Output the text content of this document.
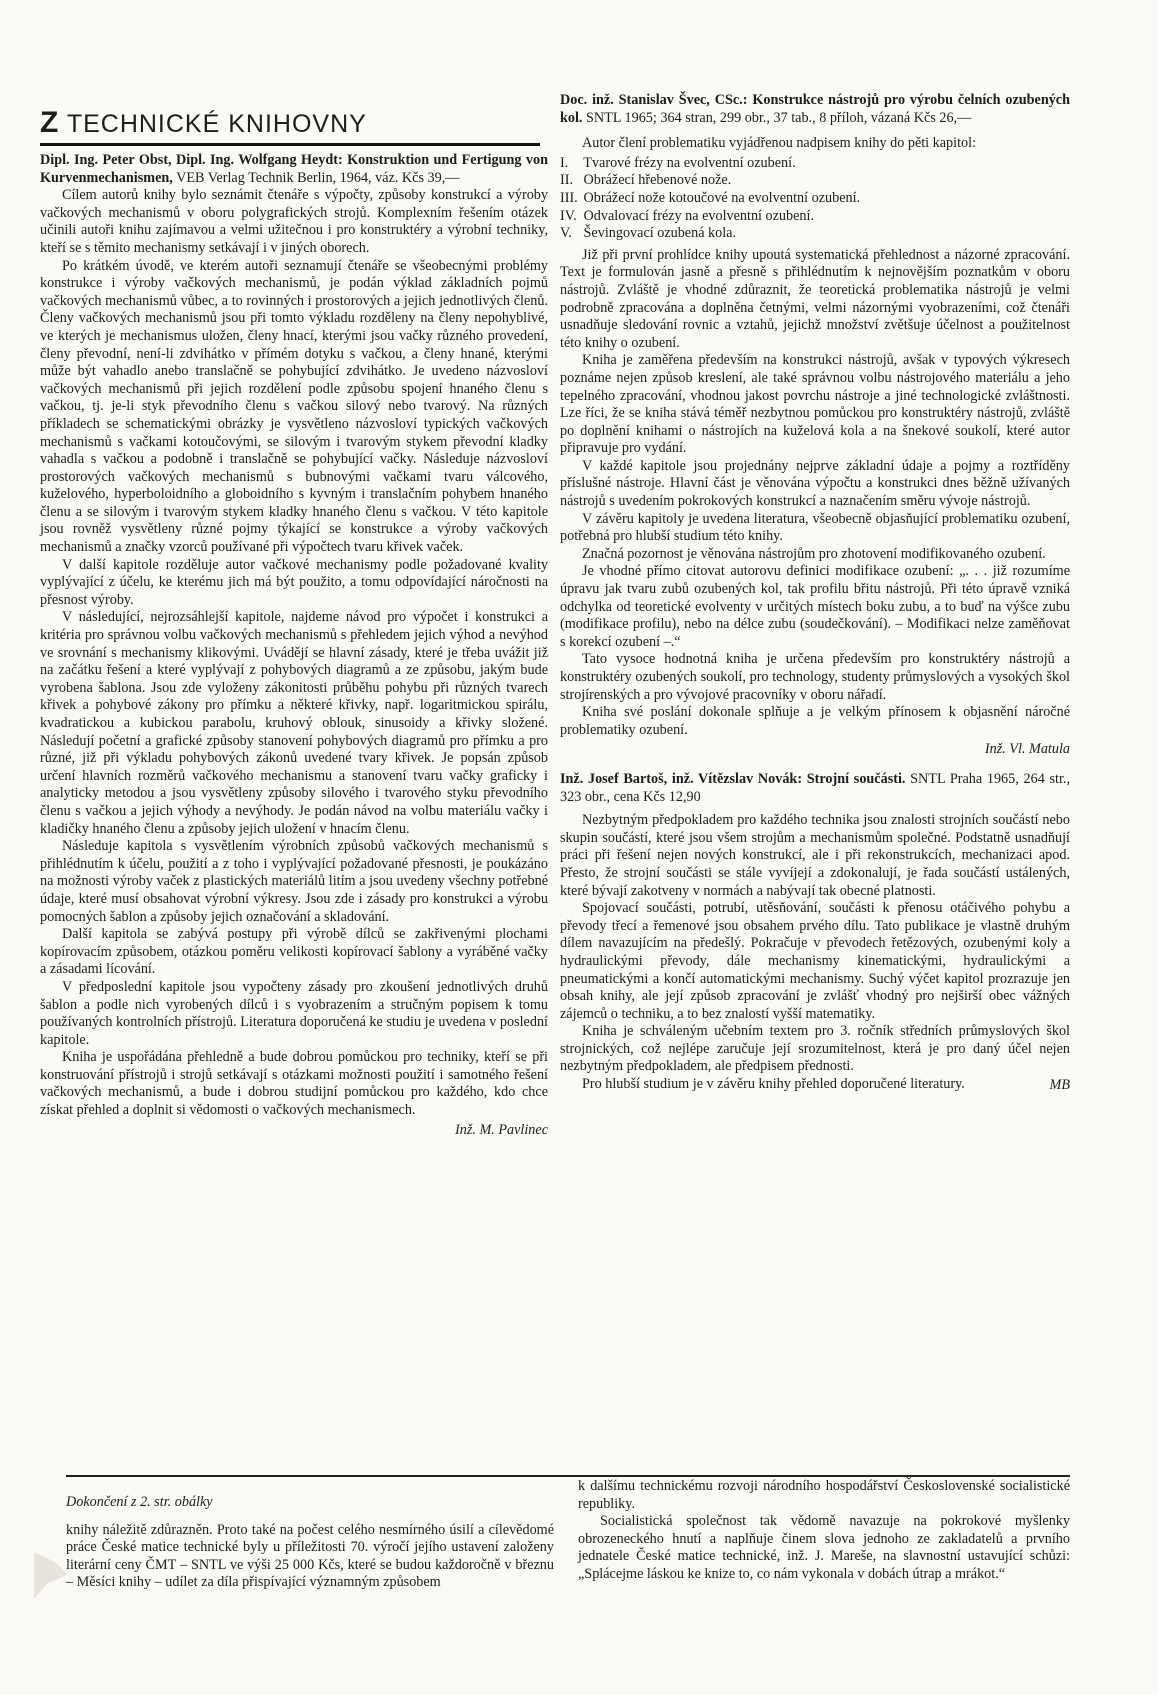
Z TECHNICKÉ KNIHOVNY
Dipl. Ing. Peter Obst, Dipl. Ing. Wolfgang Heydt: Konstruktion und Fertigung von Kurvenmechanismen, VEB Verlag Technik Berlin, 1964, váz. Kčs 39,—

Cílem autorů knihy bylo seznámit čtenáře s výpočty, způsoby konstrukcí a výroby vačkových mechanismů v oboru polygrafických strojů. Komplexním řešením otázek učinili autoři knihu zajímavou a velmi užitečnou i pro konstruktéry a výrobní techniky, kteří se s těmito mechanismy setkávají i v jiných oborech.

Po krátkém úvodě, ve kterém autoři seznamují čtenáře se všeobecnými problémy konstrukce i výroby vačkových mechanismů, je podán výklad základních pojmů vačkových mechanismů vůbec, a to rovinných i prostorových a jejich jednotlivých členů. Členy vačkových mechanismů jsou při tomto výkladu rozděleny na členy nepohyblivé, ve kterých je mechanismus uložen, členy hnací, kterými jsou vačky různého provedení, členy převodní, není-li zdvihátko v přímém dotyku s vačkou, a členy hnané, kterými může být vahadlo anebo translačně se pohybující zdvihátko. Je uvedeno názvosloví vačkových mechanismů při jejich rozdělení podle způsobu spojení hnaného členu s vačkou, tj. je-li styk převodního členu s vačkou silový nebo tvarový. Na různých příkladech se schematickými obrázky je vysvětleno názvosloví typických vačkových mechanismů s vačkami kotoučovými, se silovým i tvarovým stykem převodní kladky vahadla s vačkou a podobně i translačně se pohybující vačky. Následuje názvosloví prostorových vačkových mechanismů s bubnovými vačkami tvaru válcového, kuželového, hyperboloidního a globoidního s kyvným i translačním pohybem hnaného členu a se silovým i tvarovým stykem kladky hnaného členu s vačkou. V této kapitole jsou rovněž vysvětleny různé pojmy týkající se konstrukce a výroby vačkových mechanismů a značky vzorců používané při výpočtech tvaru křivek vaček.

V další kapitole rozděluje autor vačkové mechanismy podle požadované kvality vyplývající z účelu, ke kterému jich má být použito, a tomu odpovídající náročnosti na přesnost výroby.

V následující, nejrozsáhlejší kapitole, najdeme návod pro výpočet i konstrukci a kritéria pro správnou volbu vačkových mechanismů s přehledem jejich výhod a nevýhod ve srovnání s mechanismy klikovými. Uvádějí se hlavní zásady, které je třeba uvážit již na začátku řešení a které vyplývají z pohybových diagramů a ze způsobu, jakým bude vyrobena šablona. Jsou zde vyloženy zákonitosti průběhu pohybu při různých tvarech křivek a pohybové zákony pro přímku a některé křivky, např. logaritmickou spirálu, kvadratickou a kubickou parabolu, kruhový oblouk, sinusoidy a křivky složené. Následují početní a grafické způsoby stanovení pohybových diagramů pro přímku a pro různé, již při výkladu pohybových zákonů uvedené tvary křivek. Je popsán způsob určení hlavních rozměrů vačkového mechanismu a stanovení tvaru vačky graficky i analyticky metodou a jsou vysvětleny způsoby silového i tvarového styku převodního členu s vačkou a jejich výhody a nevýhody. Je podán návod na volbu materiálu vačky i kladičky hnaného členu a způsoby jejich uložení v hnacím členu.

Následuje kapitola s vysvětlením výrobních způsobů vačkových mechanismů s přihlédnutím k účelu, použití a z toho i vyplývající požadované přesnosti, je poukázáno na možnosti výroby vaček z plastických materiálů litím a jsou uvedeny všechny potřebné údaje, které musí obsahovat výrobní výkresy. Jsou zde i zásady pro konstrukci a výrobu pomocných šablon a způsoby jejich označování a skladování.

Další kapitola se zabývá postupy při výrobě dílců se zakřivenými plochami kopírovacím způsobem, otázkou poměru velikosti kopírovací šablony a vyráběné vačky a zásadami lícování.

V předposlední kapitole jsou vypočteny zásady pro zkoušení jednotlivých druhů šablon a podle nich vyrobených dílců i s vyobrazením a stručným popisem k tomu používaných kontrolních přístrojů. Literatura doporučená ke studiu je uvedena v poslední kapitole.

Kniha je uspořádána přehledně a bude dobrou pomůckou pro techniky, kteří se při konstruování přístrojů i strojů setkávají s otázkami možnosti použití i samotného řešení vačkových mechanismů, a bude i dobrou studijní pomůckou pro každého, kdo chce získat přehled a doplnit si vědomosti o vačkových mechanismech.

Inž. M. Pavlinec
Doc. inž. Stanislav Švec, CSc.: Konstrukce nástrojů pro výrobu čelních ozubených kol. SNTL 1965; 364 stran, 299 obr., 37 tab., 8 příloh, vázaná Kčs 26,—

Autor člení problematiku vyjádřenou nadpisem knihy do pěti kapitol:

I. Tvarové frézy na evolventní ozubení.
II. Obrážecí hřebenové nože.
III. Obrážecí nože kotoučové na evolventní ozubení.
IV. Odvalovací frézy na evolventní ozubení.
V. Ševingovací ozubená kola.

Již při první prohlídce knihy upoutá systematická přehlednost a názorné zpracování. Text je formulován jasně a přesně s přihlédnutím k nejnovějším poznatkům v oboru nástrojů. Zvláště je vhodné zdůraznit, že teoretická problematika nástrojů je velmi podrobně zpracována a doplněna četnými, velmi názornými vyobrazeními, což čtenáři usnadňuje sledování rovnic a vztahů, jejichž množství zvětšuje účelnost a použitelnost této knihy o ozubení.

Kniha je zaměřena především na konstrukci nástrojů, avšak v typových výkresech poznáme nejen způsob kreslení, ale také správnou volbu nástrojového materiálu a jeho tepelného zpracování, vhodnou jakost povrchu nástroje a jiné technologické zvláštnosti. Lze říci, že se kniha stává téměř nezbytnou pomůckou pro konstruktéry nástrojů, zvláště po doplnění knihami o nástrojích na kuželová kola a na šnekové soukolí, které autor připravuje pro vydání.

V každé kapitole jsou projednány nejprve základní údaje a pojmy a roztříděny příslušné nástroje. Hlavní část je věnována výpočtu a konstrukci dnes běžně užívaných nástrojů s uvedením pokrokových konstrukcí a naznačením směru vývoje nástrojů.

V závěru kapitoly je uvedena literatura, všeobecně objasňující problematiku ozubení, potřebná pro hlubší studium této knihy.

Značná pozornost je věnována nástrojům pro zhotovení modifikovaného ozubení.

Je vhodné přímo citovat autorovu definici modifikace ozubení: „. . . již rozumíme úpravu jak tvaru zubů ozubených kol, tak profilu břitu nástrojů. Při této úpravě vzniká odchylka od teoretické evolventy v určitých místech boku zubu, a to buď na výšce zubu (modifikace profilu), nebo na délce zubu (soudečkování). – Modifikaci nelze zaměňovat s korekcí ozubení –.“

Tato vysoce hodnotná kniha je určena především pro konstruktéry nástrojů a konstruktéry ozubených soukolí, pro technology, studenty průmyslových a vysokých škol strojírenských a pro vývojové pracovníky v oboru nářadí.

Kniha své poslání dokonale splňuje a je velkým přínosem k objasnění náročné problematiky ozubení.

Inž. Vl. Matula
Inž. Josef Bartoš, inž. Vítězslav Novák: Strojní součásti. SNTL Praha 1965, 264 str., 323 obr., cena Kčs 12,90

Nezbytným předpokladem pro každého technika jsou znalosti strojních součástí nebo skupin součástí, které jsou všem strojům a mechanismům společné. Podstatně usnadňují práci při řešení nejen nových konstrukcí, ale i při rekonstrukcích, mechanizaci apod. Přesto, že strojní součásti se stále vyvíjejí a zdokonalují, je řada součástí ustálených, které bývají zakotveny v normách a nabývají tak obecné platnosti.

Spojovací součásti, potrubí, utěsňování, součásti k přenosu otáčivého pohybu a převody třecí a řemenové jsou obsahem prvého dílu. Tato publikace je vlastně druhým dílem navazujícím na předešlý. Pokračuje v převodech řetězových, ozubenými koly a hydraulickými převody, dále mechanismy kinematickými, hydraulickými a pneumatickými a končí automatickými mechanismy. Suchý výčet kapitol prozrazuje jen obsah knihy, ale její způsob zpracování je zvlášť vhodný pro nejširší obec vážných zájemců o techniku, a to bez znalostí vyšší matematiky.

Kniha je schváleným učebním textem pro 3. ročník středních průmyslových škol strojnických, což nejlépe zaručuje její srozumitelnost, která je pro daný účel nejen nezbytným předpokladem, ale předpisem přednosti.

Pro hlubší studium je v závěru knihy přehled doporučené literatury.	MB
Dokončení z 2. str. obálky

knihy náležitě zdůrazněn. Proto také na počest celého nesmírného úsilí a cílevědomé práce České matice technické byly u příležitosti 70. výročí jejího ustavení založeny literární ceny ČMT – SNTL ve výši 25 000 Kčs, které se budou každoročně v březnu – Měsíci knihy – udílet za díla přispívající významným způsobem

k dalšímu technickému rozvoji národního hospodářství Československé socialistické republiky.

Socialistická společnost tak vědomě navazuje na pokrokové myšlenky obrozeneckého hnutí a naplňuje činem slova jednoho ze zakladatelů a prvního jednatele České matice technické, inž. J. Mareše, na slavnostní ustavující schůzi: „Splácejme láskou ke knize to, co nám vykonala v dobách útrap a mrákot.“
